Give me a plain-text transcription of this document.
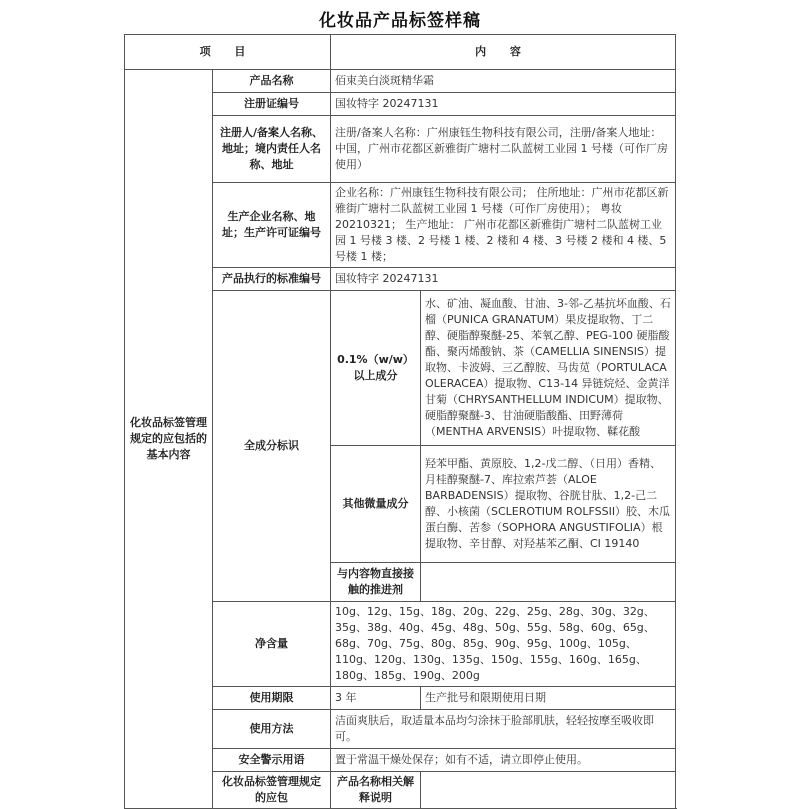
化妆品产品标签样稿
项 目		内 容	
化妆品标签管理规定的应包括的基本内容	产品名称	佰束美白淡斑精华霜	
	注册证编号	国妆特字 20247131	
	注册人/备案人名称、地址；境内责任人名称、地址	注册/备案人名称：广州康钰生物科技有限公司，注册/备案人地址：中国，广州市花都区新雅街广塘村二队蓝树工业园 1 号楼（可作厂房使用）	
	生产企业名称、地址；生产许可证编号	企业名称：广州康钰生物科技有限公司； 住所地址：广州市花都区新雅街广塘村二队蓝树工业园 1 号楼（可作厂房使用）； 粤妆 20210321； 生产地址： 广州市花都区新雅街广塘村二队蓝树工业园 1 号楼 3 楼、2 号楼 1 楼、2 楼和 4 楼、3 号楼 2 楼和 4 楼、5 号楼 1 楼；	
	产品执行的标准编号	国妆特字 20247131	
	全成分标识	0.1%（w/w）以上成分	水、矿油、凝血酸、甘油、3-邻-乙基抗坏血酸、石榴（PUNICA GRANATUM）果皮提取物、丁二醇、硬脂醇聚醚-25、苯氧乙醇、PEG-100 硬脂酸酯、聚丙烯酸钠、茶（CAMELLIA SINENSIS）提取物、卡波姆、三乙醇胺、马齿苋（PORTULACA OLERACEA）提取物、C13-14 异链烷烃、金黄洋甘菊（CHRYSANTHELLUM INDICUM）提取物、硬脂醇聚醚-3、甘油硬脂酸酯、田野薄荷（MENTHA ARVENSIS）叶提取物、鞣花酸
		其他微量成分	羟苯甲酯、黄原胶、1,2-戊二醇、（日用）香精、月桂醇聚醚-7、库拉索芦荟（ALOE BARBADENSIS）提取物、谷胱甘肽、1,2-己二醇、小核菌（SCLEROTIUM ROLFSSII）胶、木瓜蛋白酶、苦参（SOPHORA ANGUSTIFOLIA）根提取物、辛甘醇、对羟基苯乙酮、CI 19140
		与内容物直接接触的推进剂	
	净含量	10g、12g、15g、18g、20g、22g、25g、28g、30g、32g、35g、38g、40g、45g、48g、50g、55g、58g、60g、65g、68g、70g、75g、80g、85g、90g、95g、100g、105g、110g、120g、130g、135g、150g、155g、160g、165g、180g、185g、190g、200g	
	使用期限	3 年	生产批号和限期使用日期
	使用方法	洁面爽肤后，取适量本品均匀涂抹于脸部肌肤，轻轻按摩至吸收即可。	
	安全警示用语	置于常温干燥处保存；如有不适，请立即停止使用。	
	化妆品标签管理规定的应包	产品名称相关解释说明	
